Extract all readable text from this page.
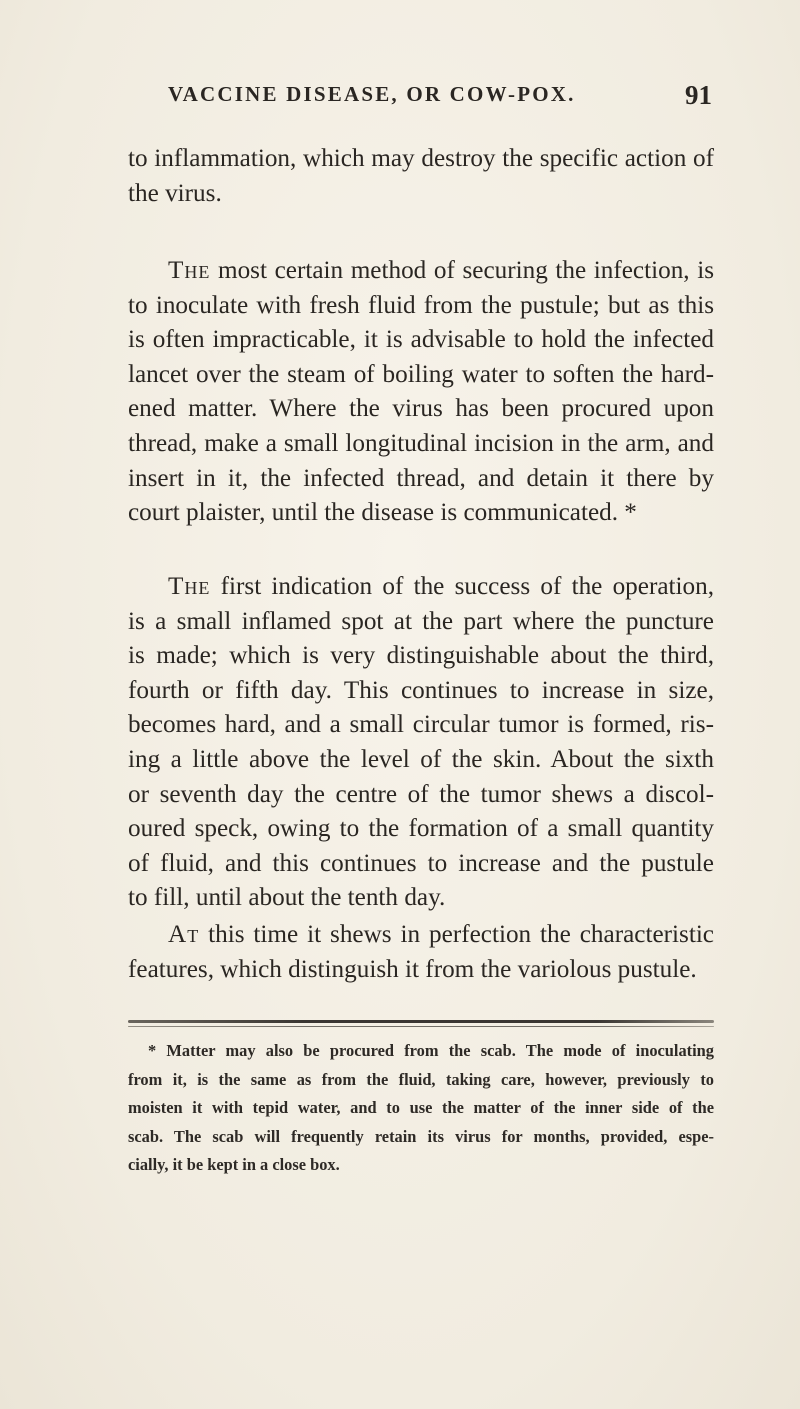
VACCINE DISEASE, OR COW-POX.	91
to inflammation, which may destroy the specific action of
the virus.
The most certain method of securing the infection, is
to inoculate with fresh fluid from the pustule; but as this
is often impracticable, it is advisable to hold the infected
lancet over the steam of boiling water to soften the hard-
ened matter. Where the virus has been procured upon
thread, make a small longitudinal incision in the arm, and
insert in it, the infected thread, and detain it there by
court plaister, until the disease is communicated. *
The first indication of the success of the operation,
is a small inflamed spot at the part where the puncture
is made; which is very distinguishable about the third,
fourth or fifth day. This continues to increase in size,
becomes hard, and a small circular tumor is formed, ris-
ing a little above the level of the skin. About the sixth
or seventh day the centre of the tumor shews a discol-
oured speck, owing to the formation of a small quantity
of fluid, and this continues to increase and the pustule
to fill, until about the tenth day.
At this time it shews in perfection the characteristic
features, which distinguish it from the variolous pustule.
* Matter may also be procured from the scab. The mode of inoculating
from it, is the same as from the fluid, taking care, however, previously to
moisten it with tepid water, and to use the matter of the inner side of the
scab. The scab will frequently retain its virus for months, provided, espe-
cially, it be kept in a close box.
